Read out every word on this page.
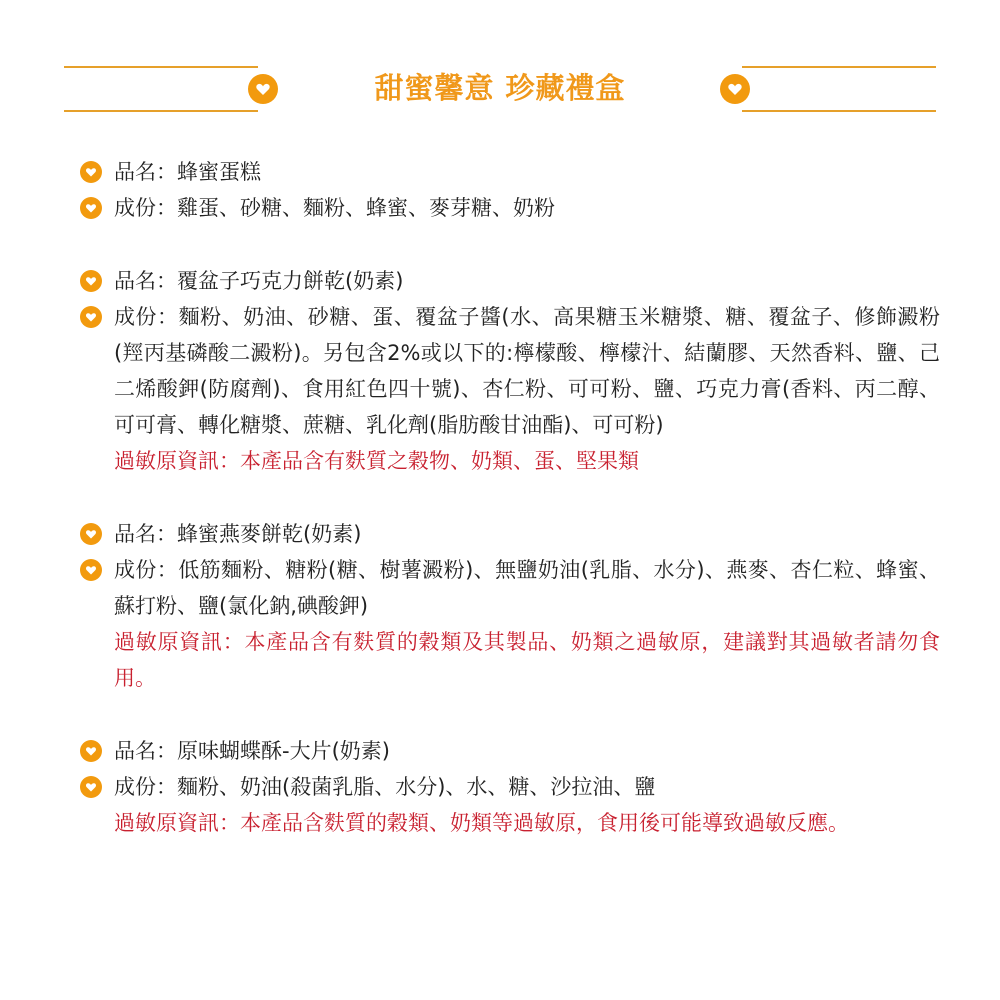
甜蜜馨意 珍藏禮盒
品名：蜂蜜蛋糕
成份：雞蛋、砂糖、麵粉、蜂蜜、麥芽糖、奶粉
品名：覆盆子巧克力餅乾(奶素)
成份：麵粉、奶油、砂糖、蛋、覆盆子醬(水、高果糖玉米糖漿、糖、覆盆子、修飾澱粉(羥丙基磷酸二澱粉)。另包含2%或以下的:檸檬酸、檸檬汁、結蘭膠、天然香料、鹽、己二烯酸鉀(防腐劑)、食用紅色四十號)、杏仁粉、可可粉、鹽、巧克力膏(香料、丙二醇、可可膏、轉化糖漿、蔗糖、乳化劑(脂肪酸甘油酯)、可可粉)
過敏原資訊：本產品含有麩質之穀物、奶類、蛋、堅果類
品名：蜂蜜燕麥餅乾(奶素)
成份：低筋麵粉、糖粉(糖、樹薯澱粉)、無鹽奶油(乳脂、水分)、燕麥、杏仁粒、蜂蜜、蘇打粉、鹽(氯化鈉,碘酸鉀)
過敏原資訊：本產品含有麩質的穀類及其製品、奶類之過敏原，建議對其過敏者請勿食用。
品名：原味蝴蝶酥-大片(奶素)
成份：麵粉、奶油(殺菌乳脂、水分)、水、糖、沙拉油、鹽
過敏原資訊：本產品含麩質的穀類、奶類等過敏原，食用後可能導致過敏反應。
